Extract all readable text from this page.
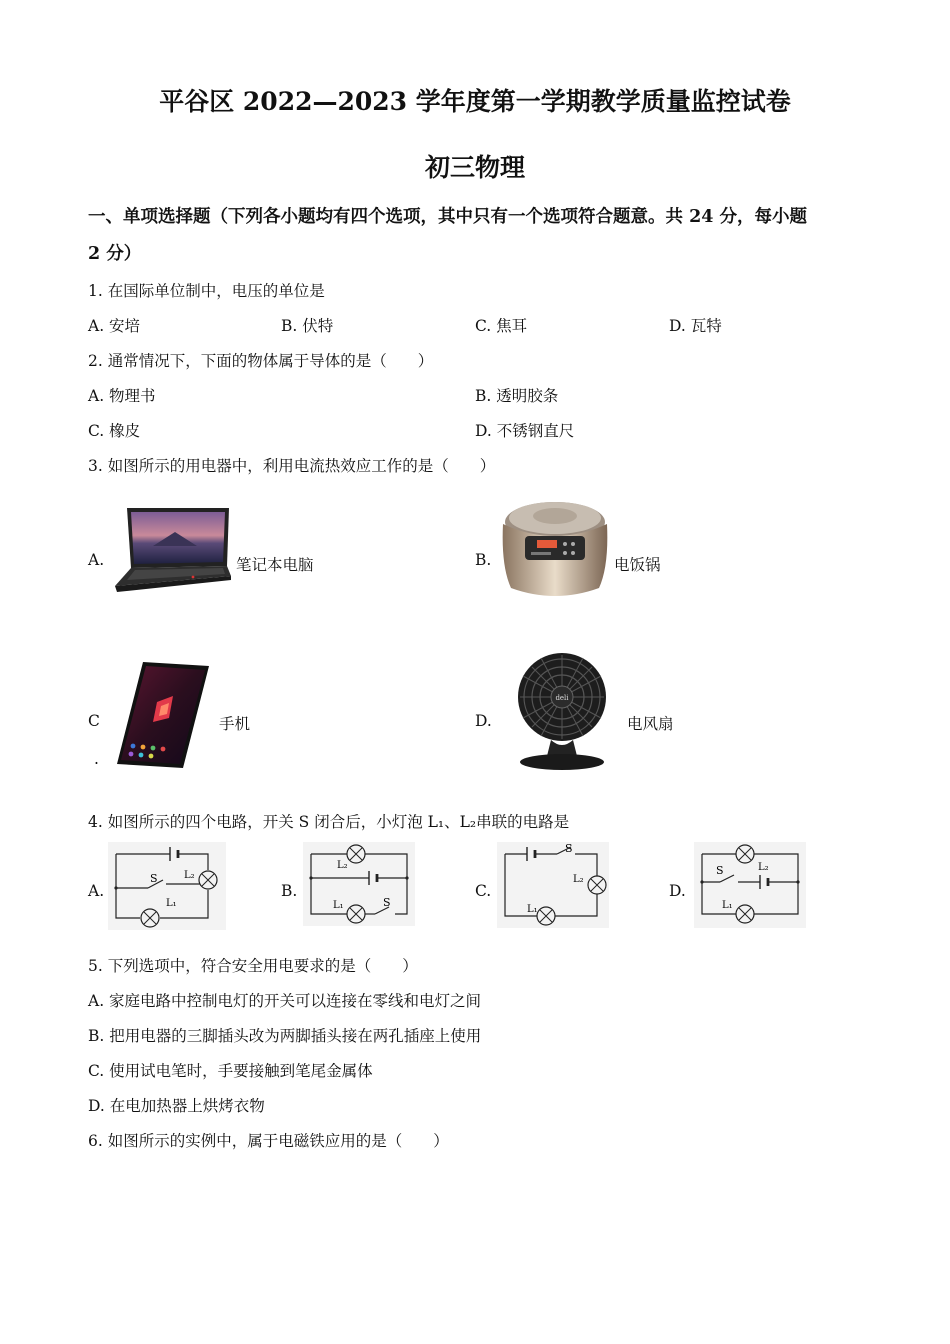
平谷区 2022—2023 学年度第一学期教学质量监控试卷
初三物理
一、单项选择题（下列各小题均有四个选项，其中只有一个选项符合题意。共 24 分，每小题
2 分）
1. 在国际单位制中，电压的单位是
A. 安培	B. 伏特	C. 焦耳	D. 瓦特
2. 通常情况下，下面的物体属于导体的是（　　）
A. 物理书	B. 透明胶条
C. 橡皮	D. 不锈钢直尺
3. 如图所示的用电器中，利用电流热效应工作的是（　　）
A.	笔记本电脑	B.	电饭锅
C
.
手机	D.
deli
电风扇
4. 如图所示的四个电路，开关 S 闭合后，小灯泡 L₁、L₂串联的电路是
A.
S	L₂
L₁
B.
L₂
L₁	S
C.
S
L₂
L₁
D.
S	L₂
L₁
5. 下列选项中，符合安全用电要求的是（　　）
A. 家庭电路中控制电灯的开关可以连接在零线和电灯之间
B. 把用电器的三脚插头改为两脚插头接在两孔插座上使用
C. 使用试电笔时，手要接触到笔尾金属体
D. 在电加热器上烘烤衣物
6. 如图所示的实例中，属于电磁铁应用的是（　　）
